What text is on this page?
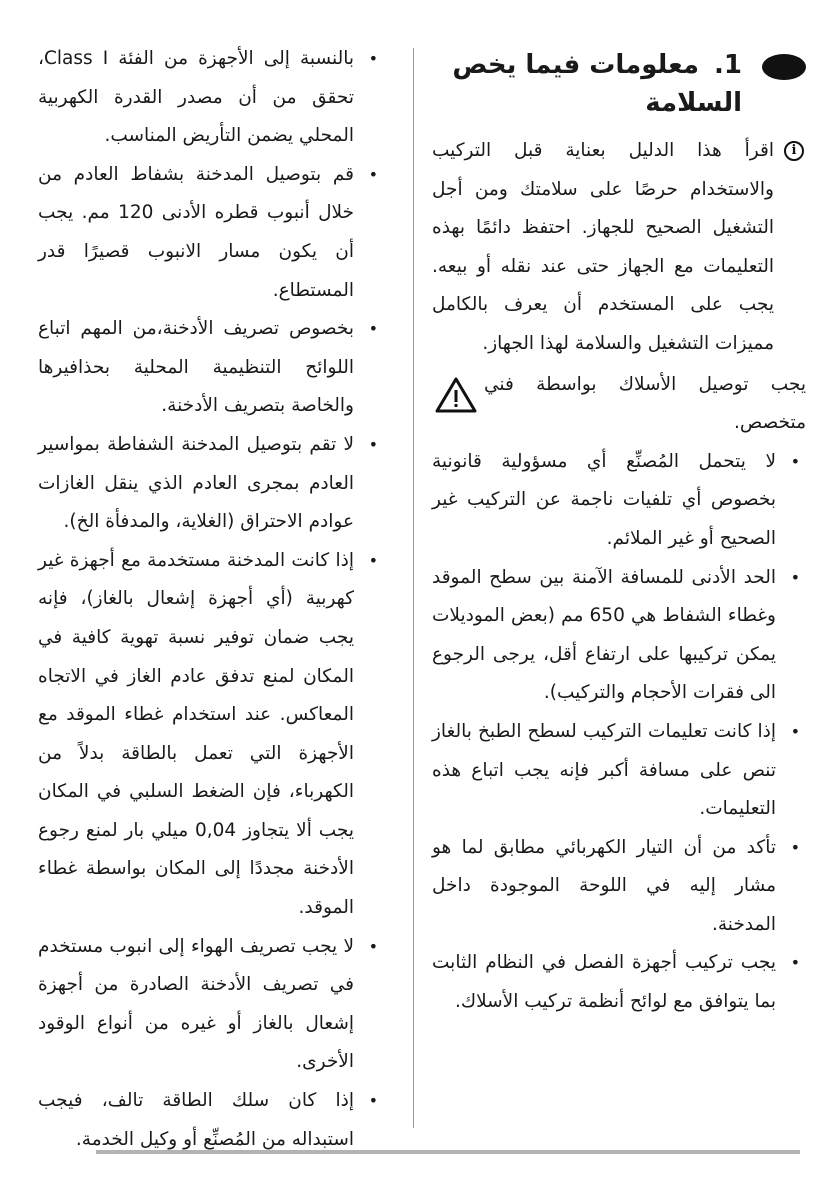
1. معلومات فيما يخص
السلامة
i
اقرأ هذا الدليل بعناية قبل التركيب والاستخدام حرصًا على سلامتك ومن أجل التشغيل الصحيح للجهاز. احتفظ دائمًا بهذه التعليمات مع الجهاز حتى عند نقله أو بيعه. يجب على المستخدم أن يعرف بالكامل مميزات التشغيل والسلامة لهذا الجهاز.
يجب توصيل الأسلاك بواسطة فني متخصص.
• لا يتحمل المُصنِّع أي مسؤولية قانونية بخصوص أي تلفيات ناجمة عن التركيب غير الصحيح أو غير الملائم.
• الحد الأدنى للمسافة الآمنة بين سطح الموقد وغطاء الشفاط هي 650 مم (بعض الموديلات يمكن تركيبها على ارتفاع أقل، يرجى الرجوع الى فقرات الأحجام والتركيب).
• إذا كانت تعليمات التركيب لسطح الطبخ بالغاز تنص على مسافة أكبر فإنه يجب اتباع هذه التعليمات.
• تأكد من أن التيار الكهربائي مطابق لما هو مشار إليه في اللوحة الموجودة داخل المدخنة.
• يجب تركيب أجهزة الفصل في النظام الثابت بما يتوافق مع لوائح أنظمة تركيب الأسلاك.
• بالنسبة إلى الأجهزة من الفئة Class I، تحقق من أن مصدر القدرة الكهربية المحلي يضمن التأريض المناسب.
• قم بتوصيل المدخنة بشفاط العادم من خلال أنبوب قطره الأدنى 120 مم. يجب أن يكون مسار الانبوب قصيرًا قدر المستطاع.
• بخصوص تصريف الأدخنة،من المهم اتباع اللوائح التنظيمية المحلية بحذافيرها والخاصة بتصريف الأدخنة.
• لا تقم بتوصيل المدخنة الشفاطة بمواسير العادم بمجرى العادم الذي ينقل الغازات عوادم الاحتراق (الغلاية، والمدفأة الخ).
• إذا كانت المدخنة مستخدمة مع أجهزة غير كهربية (أي أجهزة إشعال بالغاز)، فإنه يجب ضمان توفير نسبة تهوية كافية في المكان لمنع تدفق عادم الغاز في الاتجاه المعاكس. عند استخدام غطاء الموقد مع الأجهزة التي تعمل بالطاقة بدلاً من الكهرباء، فإن الضغط السلبي في المكان يجب ألا يتجاوز 0,04 ميلي بار لمنع رجوع الأدخنة مجددًا إلى المكان بواسطة غطاء الموقد.
• لا يجب تصريف الهواء إلى انبوب مستخدم في تصريف الأدخنة الصادرة من أجهزة إشعال بالغاز أو غيره من أنواع الوقود الأخرى.
• إذا كان سلك الطاقة تالف، فيجب استبداله من المُصنِّع أو وكيل الخدمة.
